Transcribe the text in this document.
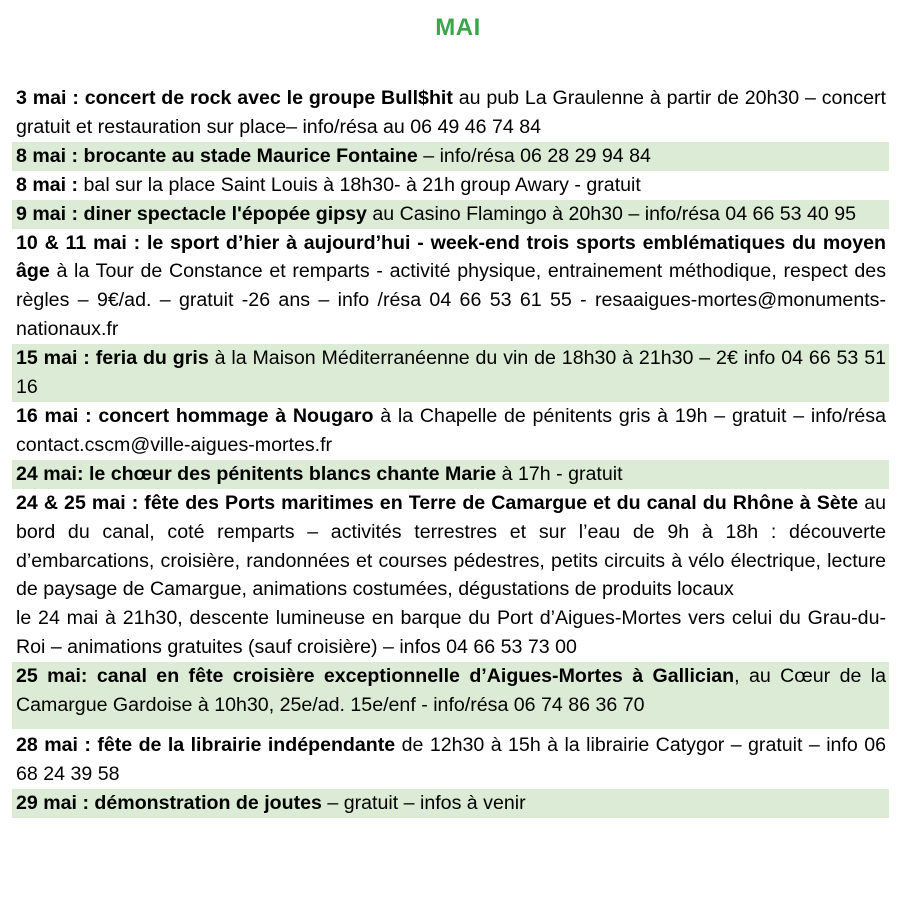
MAI
3 mai : concert de rock avec le groupe Bull$hit au pub La Graulenne à partir de 20h30 – concert gratuit et restauration sur place– info/résa au 06 49 46 74 84
8 mai : brocante au stade Maurice Fontaine – info/résa 06 28 29 94 84
8 mai : bal sur la place Saint Louis à 18h30- à 21h group Awary - gratuit
9 mai : diner spectacle l'épopée gipsy au Casino Flamingo à 20h30 – info/résa 04 66 53 40 95
10 & 11 mai : le sport d’hier à aujourd’hui - week-end trois sports emblématiques du moyen âge à la Tour de Constance et remparts - activité physique, entrainement méthodique, respect des règles – 9€/ad. – gratuit -26 ans – info /résa 04 66 53 61 55 - resaaigues-mortes@monuments-nationaux.fr
15 mai : feria du gris à la Maison Méditerranéenne du vin de 18h30 à 21h30 – 2€ info 04 66 53 51 16
16 mai : concert hommage à Nougaro à la Chapelle de pénitents gris à 19h – gratuit – info/résa contact.cscm@ville-aigues-mortes.fr
24 mai: le chœur des pénitents blancs chante Marie à 17h - gratuit
24 & 25 mai : fête des Ports maritimes en Terre de Camargue et du canal du Rhône à Sète au bord du canal, coté remparts – activités terrestres et sur l’eau de 9h à 18h : découverte d’embarcations, croisière, randonnées et courses pédestres, petits circuits à vélo électrique, lecture de paysage de Camargue, animations costumées, dégustations de produits locaux
le 24 mai à 21h30, descente lumineuse en barque du Port d’Aigues-Mortes vers celui du Grau-du-Roi – animations gratuites (sauf croisière) – infos 04 66 53 73 00
25 mai: canal en fête croisière exceptionnelle d’Aigues-Mortes à Gallician, au Cœur de la Camargue Gardoise à 10h30, 25e/ad. 15e/enf - info/résa 06 74 86 36 70
28 mai : fête de la librairie indépendante de 12h30 à 15h à la librairie Catygor – gratuit – info 06 68 24 39 58
29 mai : démonstration de joutes – gratuit – infos à venir
